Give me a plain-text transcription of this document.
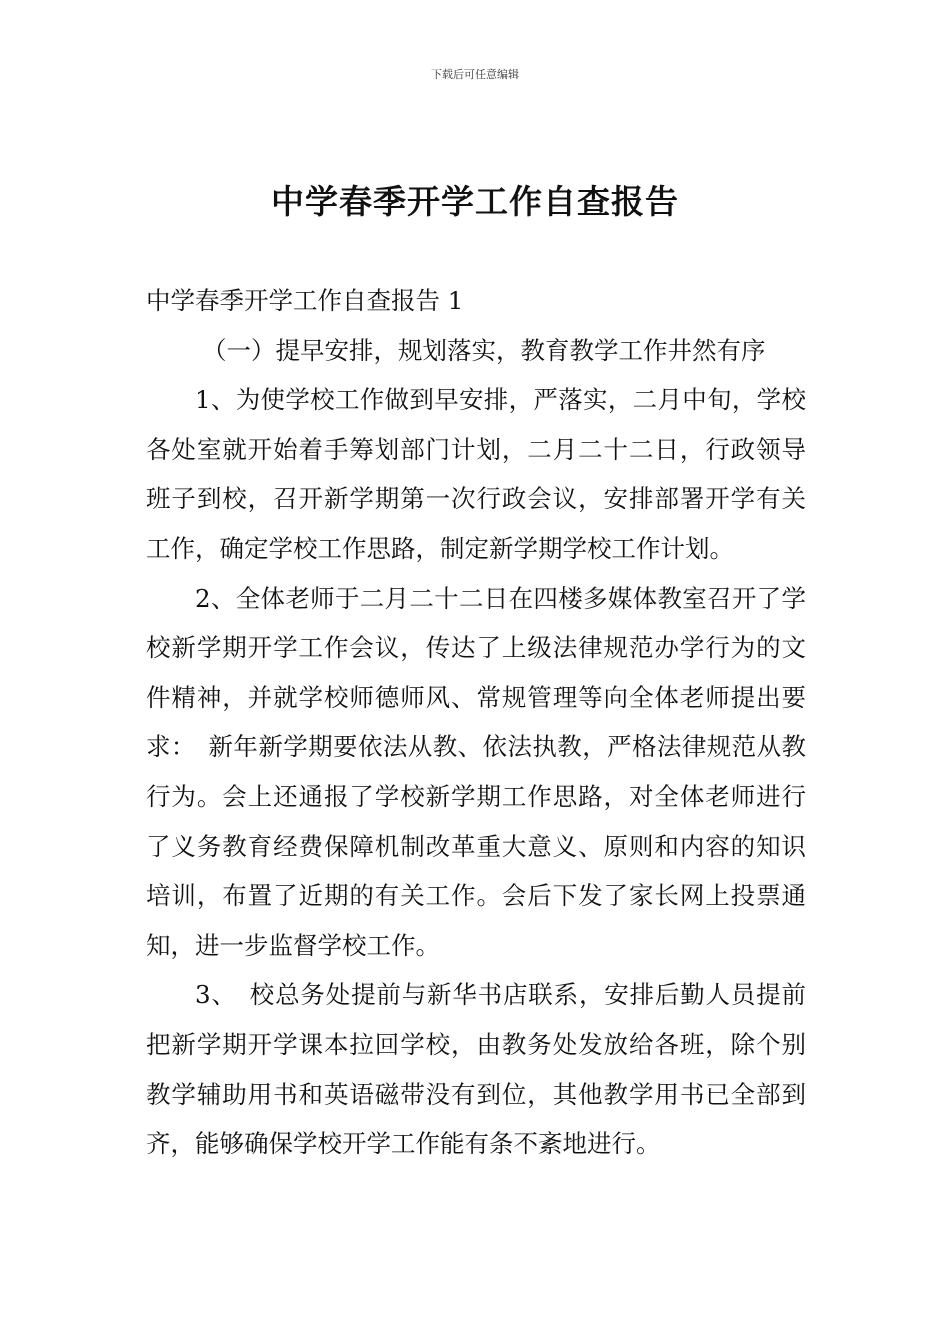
下载后可任意编辑
中学春季开学工作自查报告

中学春季开学工作自查报告 1

（一）提早安排，规划落实，教育教学工作井然有序

1、为使学校工作做到早安排，严落实，二月中旬，学校各处室就开始着手筹划部门计划，二月二十二日，行政领导班子到校，召开新学期第一次行政会议，安排部署开学有关工作，确定学校工作思路，制定新学期学校工作计划。

2、全体老师于二月二十二日在四楼多媒体教室召开了学校新学期开学工作会议，传达了上级法律规范办学行为的文件精神，并就学校师德师风、常规管理等向全体老师提出要求：　新年新学期要依法从教、依法执教，严格法律规范从教行为。会上还通报了学校新学期工作思路，对全体老师进行了义务教育经费保障机制改革重大意义、原则和内容的知识培训，布置了近期的有关工作。会后下发了家长网上投票通知，进一步监督学校工作。

3、　校总务处提前与新华书店联系，安排后勤人员提前把新学期开学课本拉回学校，由教务处发放给各班，除个别教学辅助用书和英语磁带没有到位，其他教学用书已全部到齐，能够确保学校开学工作能有条不紊地进行。
